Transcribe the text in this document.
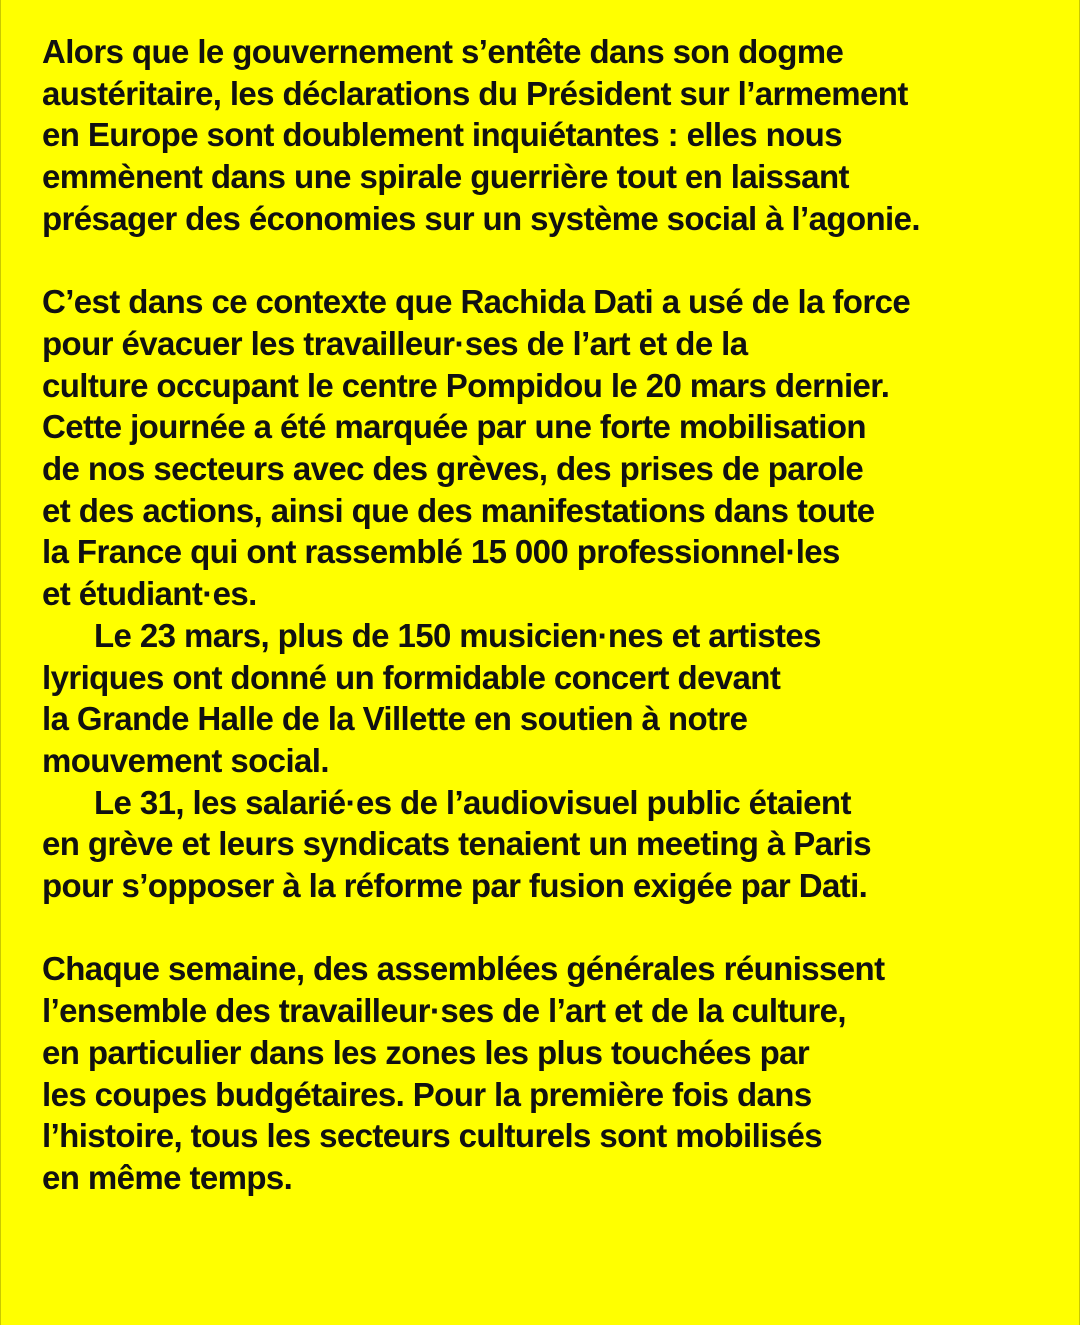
Alors que le gouvernement s’entête dans son dogme
austéritaire, les déclarations du Président sur l’armement
en Europe sont doublement inquiétantes : elles nous
emmènent dans une spirale guerrière tout en laissant
présager des économies sur un système social à l’agonie.
C’est dans ce contexte que Rachida Dati a usé de la force
pour évacuer les travailleur·ses de l’art et de la
culture occupant le centre Pompidou le 20 mars dernier.
Cette journée a été marquée par une forte mobilisation
de nos secteurs avec des grèves, des prises de parole
et des actions, ainsi que des manifestations dans toute
la France qui ont rassemblé 15 000 professionnel·les
et étudiant·es.
Le 23 mars, plus de 150 musicien·nes et artistes
lyriques ont donné un formidable concert devant
la Grande Halle de la Villette en soutien à notre
mouvement social.
Le 31, les salarié·es de l’audiovisuel public étaient
en grève et leurs syndicats tenaient un meeting à Paris
pour s’opposer à la réforme par fusion exigée par Dati.
Chaque semaine, des assemblées générales réunissent
l’ensemble des travailleur·ses de l’art et de la culture,
en particulier dans les zones les plus touchées par
les coupes budgétaires. Pour la première fois dans
l’histoire, tous les secteurs culturels sont mobilisés
en même temps.
